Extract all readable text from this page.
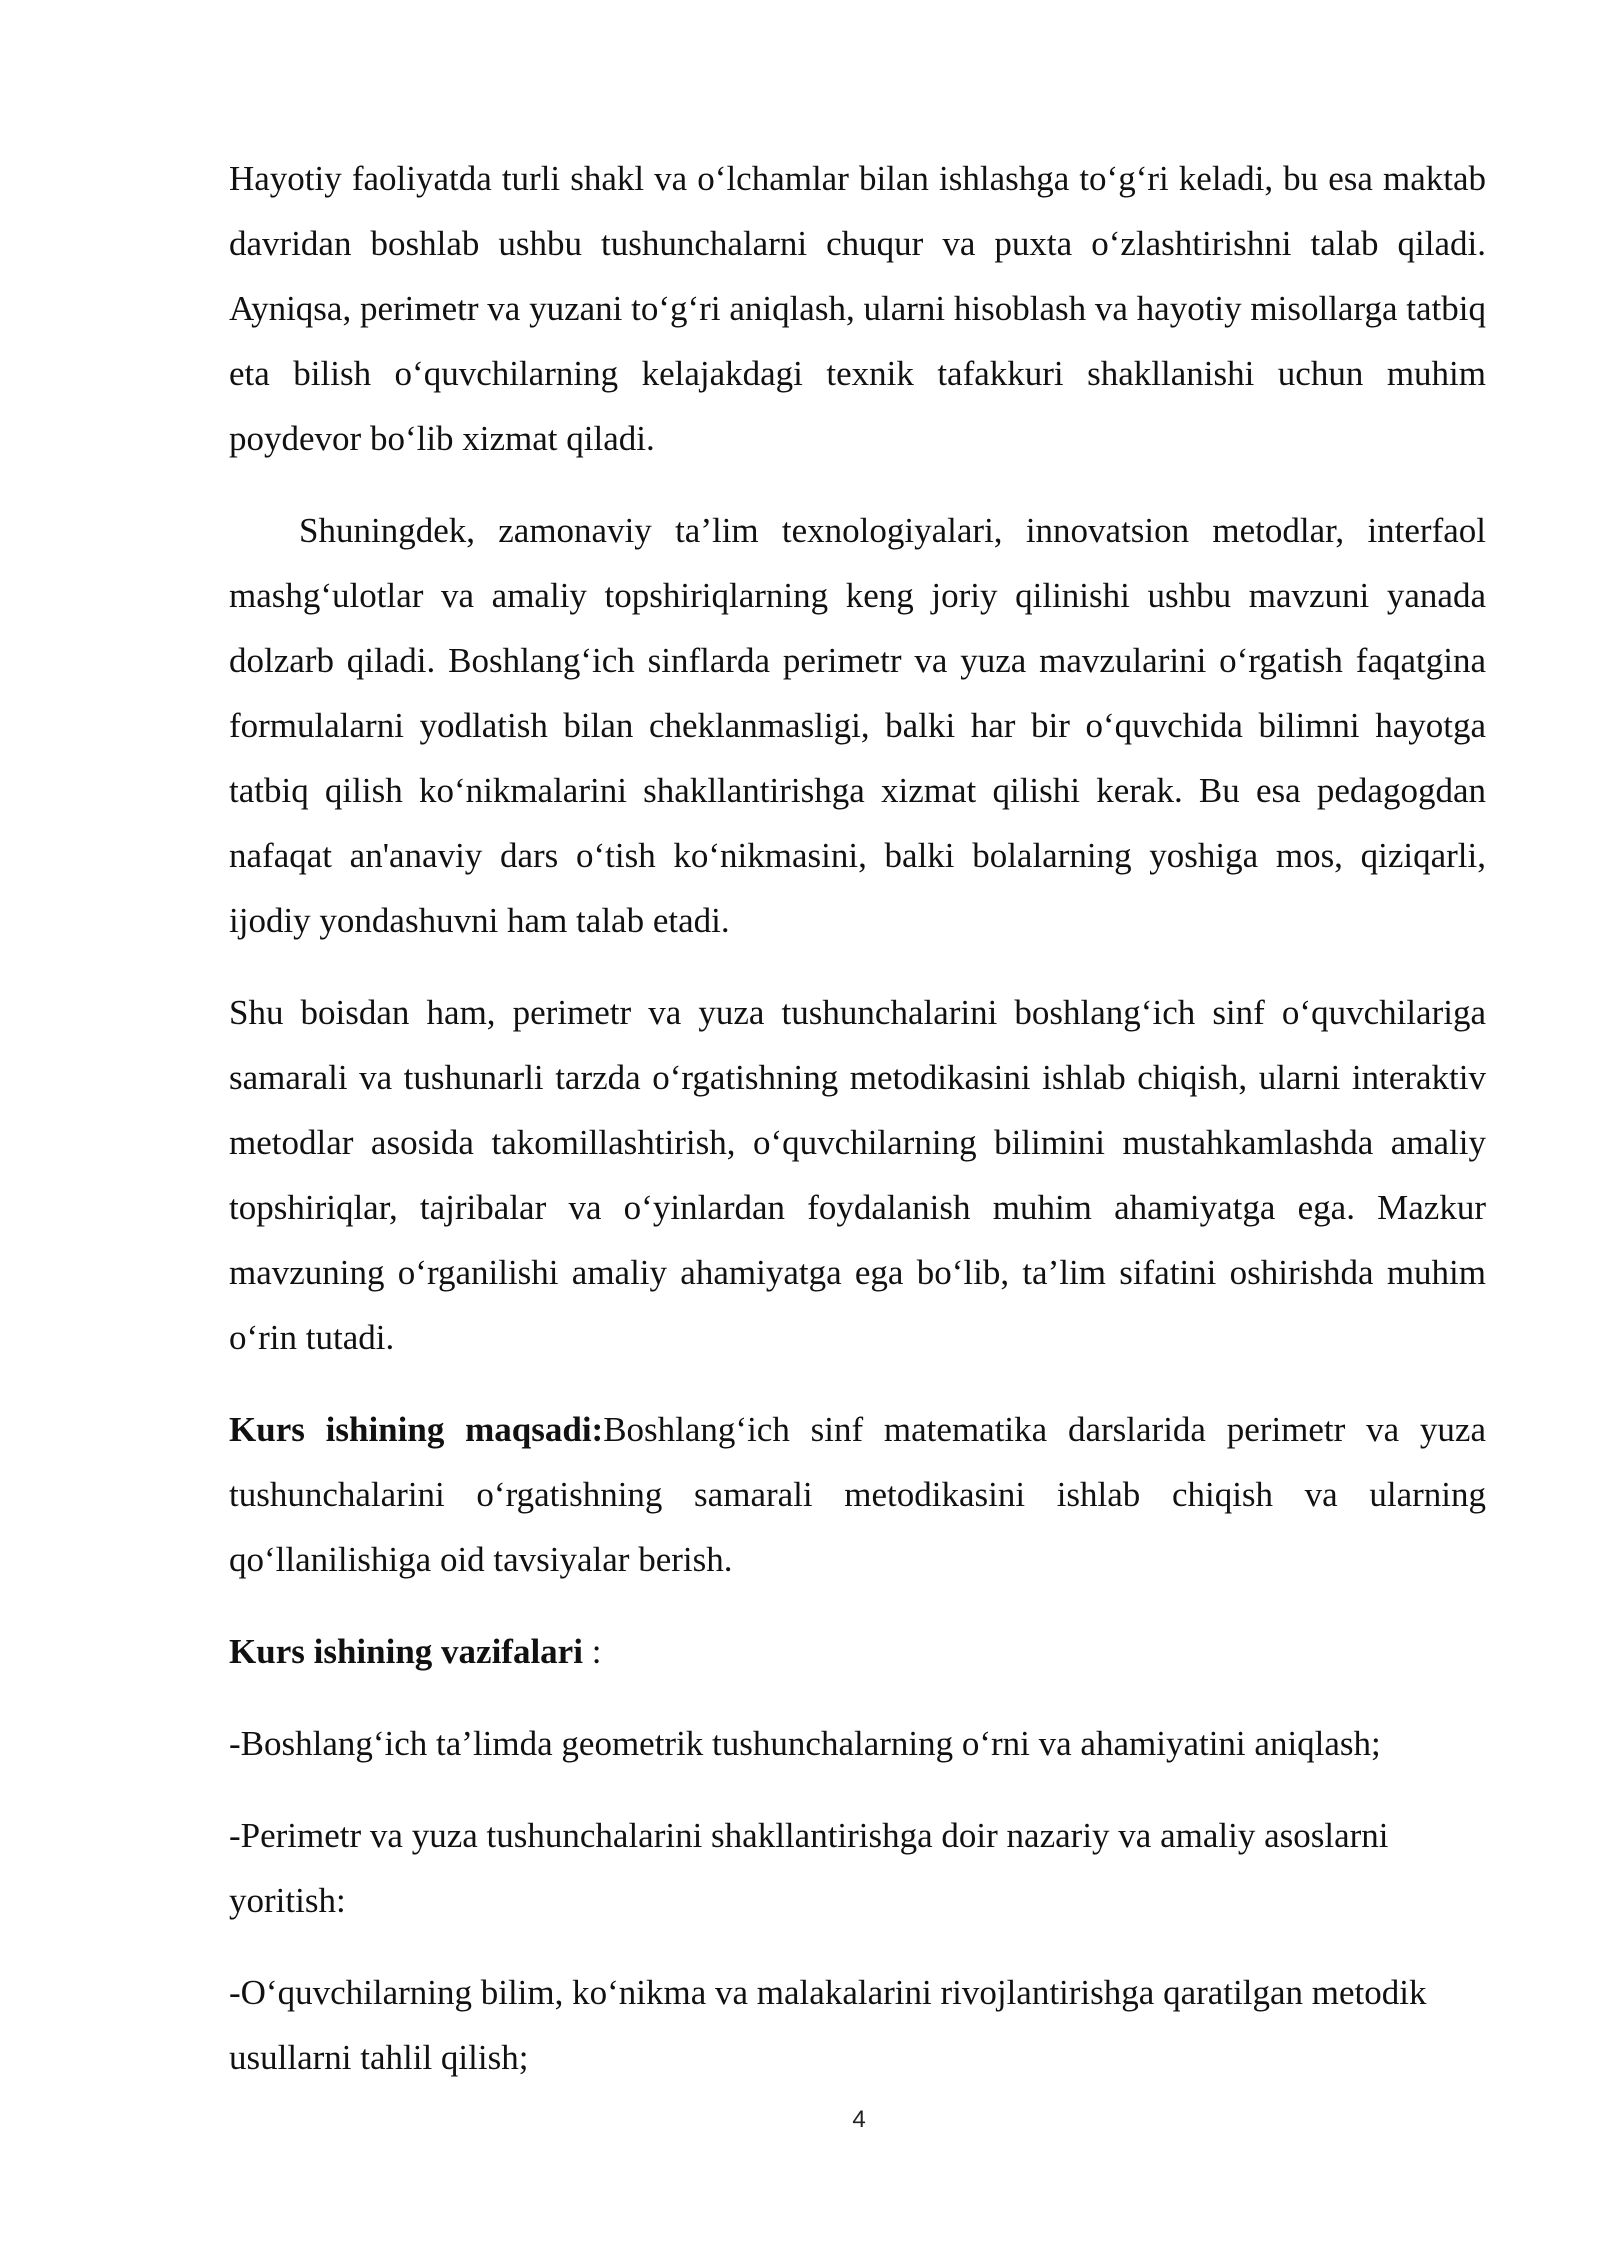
Hayotiy faoliyatda turli shakl va o‘lchamlar bilan ishlashga to‘g‘ri keladi, bu esa maktab davridan boshlab ushbu tushunchalarni chuqur va puxta o‘zlashtirishni talab qiladi. Ayniqsa, perimetr va yuzani to‘g‘ri aniqlash, ularni hisoblash va hayotiy misollarga tatbiq eta bilish o‘quvchilarning kelajakdagi texnik tafakkuri shakllanishi uchun muhim poydevor bo‘lib xizmat qiladi.

Shuningdek, zamonaviy ta’lim texnologiyalari, innovatsion metodlar, interfaol mashg‘ulotlar va amaliy topshiriqlarning keng joriy qilinishi ushbu mavzuni yanada dolzarb qiladi. Boshlang‘ich sinflarda perimetr va yuza mavzularini o‘rgatish faqatgina formulalarni yodlatish bilan cheklanmasligi, balki har bir o‘quvchida bilimni hayotga tatbiq qilish ko‘nikmalarini shakllantirishga xizmat qilishi kerak. Bu esa pedagogdan nafaqat an'anaviy dars o‘tish ko‘nikmasini, balki bolalarning yoshiga mos, qiziqarli, ijodiy yondashuvni ham talab etadi.

Shu boisdan ham, perimetr va yuza tushunchalarini boshlang‘ich sinf o‘quvchilariga samarali va tushunarli tarzda o‘rgatishning metodikasini ishlab chiqish, ularni interaktiv metodlar asosida takomillashtirish, o‘quvchilarning bilimini mustahkamlashda amaliy topshiriqlar, tajribalar va o‘yinlardan foydalanish muhim ahamiyatga ega. Mazkur mavzuning o‘rganilishi amaliy ahamiyatga ega bo‘lib, ta’lim sifatini oshirishda muhim o‘rin tutadi.

Kurs ishining maqsadi:Boshlang‘ich sinf matematika darslarida perimetr va yuza tushunchalarini o‘rgatishning samarali metodikasini ishlab chiqish va ularning qo‘llanilishiga oid tavsiyalar berish.

Kurs ishining vazifalari :

-Boshlang‘ich ta’limda geometrik tushunchalarning o‘rni va ahamiyatini aniqlash;

-Perimetr va yuza tushunchalarini shakllantirishga doir nazariy va amaliy asoslarni yoritish:

-O‘quvchilarning bilim, ko‘nikma va malakalarini rivojlantirishga qaratilgan metodik usullarni tahlil qilish;

4
